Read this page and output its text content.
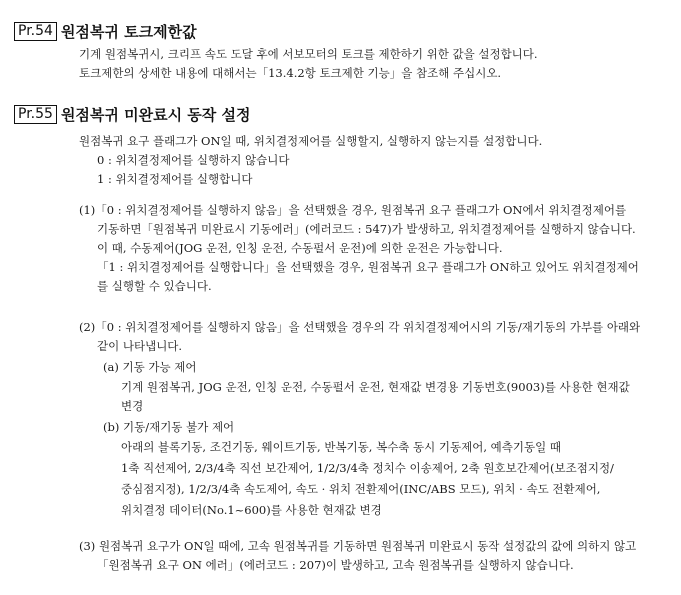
Pr.54 원점복귀 토크제한값
기계 원점복귀시, 크리프 속도 도달 후에 서보모터의 토크를 제한하기 위한 값을 설정합니다.
토크제한의 상세한 내용에 대해서는「13.4.2항 토크제한 기능」을 참조해 주십시오.
Pr.55 원점복귀 미완료시 동작 설정
원점복귀 요구 플래그가 ON일 때, 위치결정제어를 실행할지, 실행하지 않는지를 설정합니다.
0 : 위치결정제어를 실행하지 않습니다
1 : 위치결정제어를 실행합니다
(1)「0 : 위치결정제어를 실행하지 않음」을 선택했을 경우, 원점복귀 요구 플래그가 ON에서 위치결정제어를
기동하면「원점복귀 미완료시 기동에러」(에러코드 : 547)가 발생하고, 위치결정제어를 실행하지 않습니다.
이 때, 수동제어(JOG 운전, 인칭 운전, 수동펄서 운전)에 의한 운전은 가능합니다.
「1 : 위치결정제어를 실행합니다」을 선택했을 경우, 원점복귀 요구 플래그가 ON하고 있어도 위치결정제어
를 실행할 수 있습니다.
(2)「0 : 위치결정제어를 실행하지 않음」을 선택했을 경우의 각 위치결정제어시의 기동/재기동의 가부를 아래와
같이 나타냅니다.
(a) 기동 가능 제어
기계 원점복귀, JOG 운전, 인칭 운전, 수동펄서 운전, 현재값 변경용 기동번호(9003)를 사용한 현재값
변경
(b) 기동/재기동 불가 제어
아래의 블록기동, 조건기동, 웨이트기동, 반복기동, 복수축 동시 기동제어, 예측기동일 때
1축 직선제어, 2/3/4축 직선 보간제어, 1/2/3/4축 정치수 이송제어, 2축 원호보간제어(보조점지정/
중심점지정), 1/2/3/4축 속도제어, 속도 · 위치 전환제어(INC/ABS 모드), 위치 · 속도 전환제어,
위치결정 데이터(No.1~600)를 사용한 현재값 변경
(3) 원점복귀 요구가 ON일 때에, 고속 원점복귀를 기동하면 원점복귀 미완료시 동작 설정값의 값에 의하지 않고
「원점복귀 요구 ON 에러」(에러코드 : 207)이 발생하고, 고속 원점복귀를 실행하지 않습니다.
